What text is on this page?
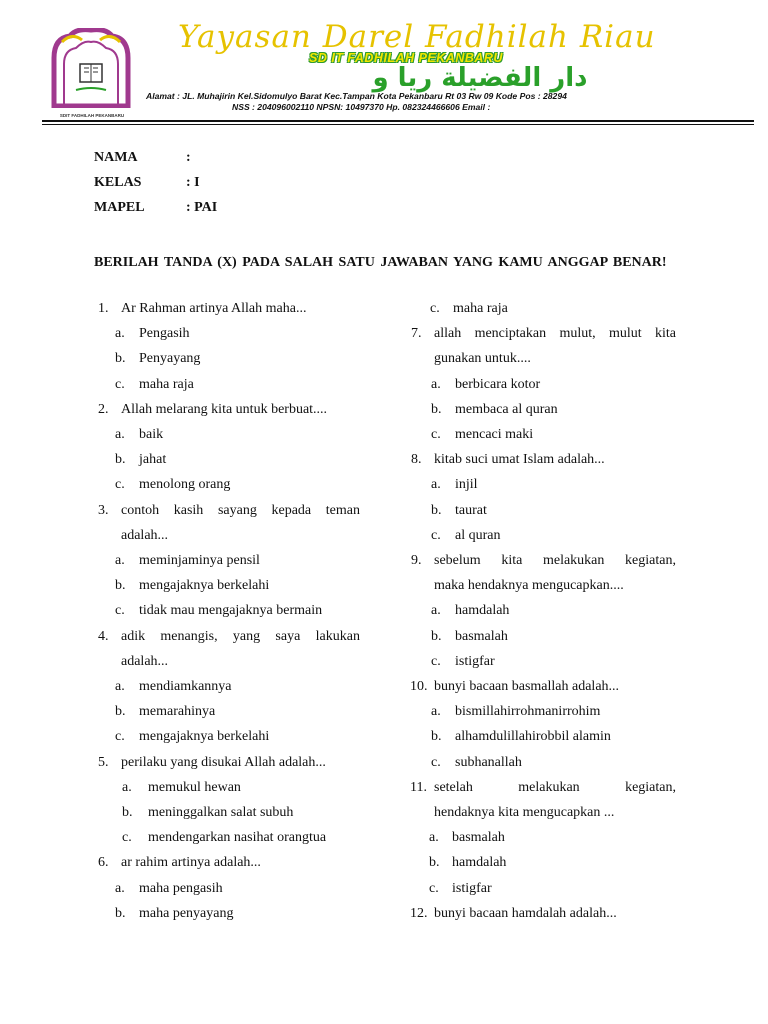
SDIT FADHILAH PEKANBARU
Yayasan Darel Fadhilah Riau
SD IT FADHILAH PEKANBARU
دار الفضيلة ريا و
Alamat : JL. Muhajirin Kel.Sidomulyo Barat Kec.Tampan Kota Pekanbaru Rt 03 Rw 09 Kode Pos : 28294
NSS : 204096002110 NPSN: 10497370 Hp. 082324466606 Email :
NAMA	:
KELAS	: I
MAPEL	: PAI
BERILAH TANDA (X) PADA SALAH SATU JAWABAN YANG KAMU ANGGAP BENAR!
1. Ar Rahman artinya Allah maha...
a. Pengasih
b. Penyayang
c. maha raja
2. Allah melarang kita untuk berbuat....
a. baik
b. jahat
c. menolong orang
3. contoh kasih sayang kepada teman
adalah...
a. meminjaminya pensil
b. mengajaknya berkelahi
c. tidak mau mengajaknya bermain
4. adik menangis, yang saya lakukan
adalah...
a. mendiamkannya
b. memarahinya
c. mengajaknya berkelahi
5. perilaku yang disukai Allah adalah...
a. memukul hewan
b. meninggalkan salat subuh
c. mendengarkan nasihat orangtua
6. ar rahim artinya adalah...
a. maha pengasih
b. maha penyayang
c. maha raja
7. allah menciptakan mulut, mulut kita
gunakan untuk....
a. berbicara kotor
b. membaca al quran
c. mencaci maki
8. kitab suci umat Islam adalah...
a. injil
b. taurat
c. al quran
9. sebelum kita melakukan kegiatan,
maka hendaknya mengucapkan....
a. hamdalah
b. basmalah
c. istigfar
10. bunyi bacaan basmallah adalah...
a. bismillahirrohmanirrohim
b. alhamdulillahirobbil alamin
c. subhanallah
11. setelah	melakukan	kegiatan,
hendaknya kita mengucapkan ...
a. basmalah
b. hamdalah
c. istigfar
12. bunyi bacaan hamdalah adalah...
